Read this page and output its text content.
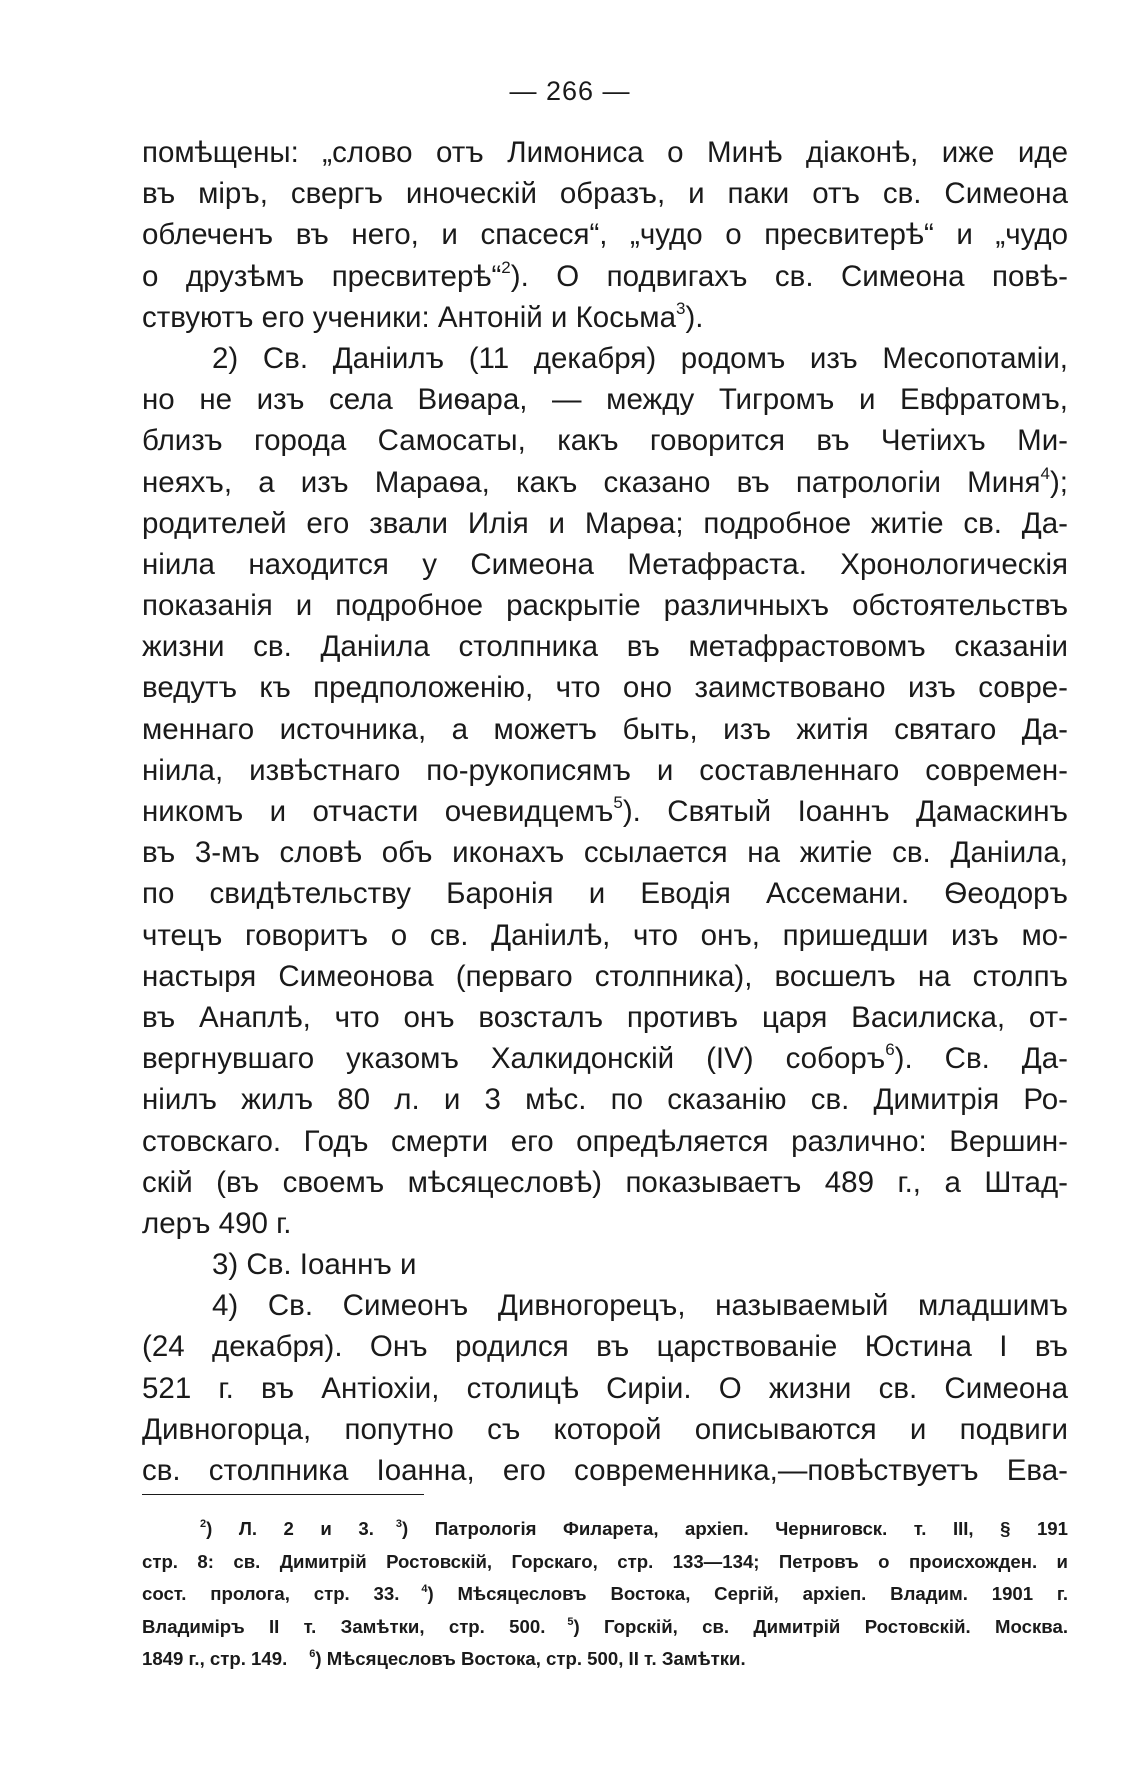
— 266 —
помѣщены: „слово отъ Лимониса о Минѣ діаконѣ, иже иде
въ міръ, свергъ иноческій образъ, и паки отъ св. Симеона
облеченъ въ него, и спасеся“, „чудо о пресвитерѣ“ и „чудо
о друзѣмъ пресвитерѣ“$^2$). О подвигахъ св. Симеона повѣ-
ствуютъ его ученики: Антоній и Косьма$^3$).
2) Св. Даніилъ (11 декабря) родомъ изъ Месопотаміи,
но не изъ села Виѳара, — между Тигромъ и Евфратомъ,
близъ города Самосаты, какъ говорится въ Четіихъ Ми-
неяхъ, а изъ Мараѳа, какъ сказано въ патрологіи Миня$^4$);
родителей его звали Илія и Марѳа; подробное житіе св. Да-
ніила находится у Симеона Метафраста. Хронологическія
показанія и подробное раскрытіе различныхъ обстоятельствъ
жизни св. Даніила столпника въ метафрастовомъ сказаніи
ведутъ къ предположенію, что оно заимствовано изъ совре-
меннаго источника, а можетъ быть, изъ житія святаго Да-
ніила, извѣстнаго по-рукописямъ и составленнаго современ-
никомъ и отчасти очевидцемъ$^5$). Святый Іоаннъ Дамаскинъ
въ 3-мъ словѣ объ иконахъ ссылается на житіе св. Даніила,
по свидѣтельству Баронія и Еводія Ассемани. Ѳеодоръ
чтецъ говоритъ о св. Даніилѣ, что онъ, пришедши изъ мо-
настыря Симеонова (перваго столпника), восшелъ на столпъ
въ Анаплѣ, что онъ возсталъ противъ царя Василиска, от-
вергнувшаго указомъ Халкидонскій (IV) соборъ$^6$). Св. Да-
ніилъ жилъ 80 л. и 3 мѣс. по сказанію св. Димитрія Ро-
стовскаго. Годъ смерти его опредѣляется различно: Вершин-
скій (въ своемъ мѣсяцесловѣ) показываетъ 489 г., а Штад-
леръ 490 г.
3) Св. Іоаннъ и
4) Св. Симеонъ Дивногорецъ, называемый младшимъ
(24 декабря). Онъ родился въ царствованіе Юстина I въ
521 г. въ Антіохіи, столицѣ Сиріи. О жизни св. Симеона
Дивногорца, попутно съ которой описываются и подвиги
св. столпника Іоанна, его современника,—повѣствуетъ Ева-
$^2$) Л. 2 и 3. $^3$) Патрологія Филарета, архіеп. Черниговск. т. III, § 191
стр. 8: св. Димитрій Ростовскій, Горскаго, стр. 133—134; Петровъ о происхожден. и
сост. пролога, стр. 33. $^4$) Мѣсяцесловъ Востока, Сергій, архіеп. Владим. 1901 г.
Владиміръ II т. Замѣтки, стр. 500. $^5$) Горскій, св. Димитрій Ростовскій. Москва.
1849 г., стр. 149. $^6$) Мѣсяцесловъ Востока, стр. 500, II т. Замѣтки.
